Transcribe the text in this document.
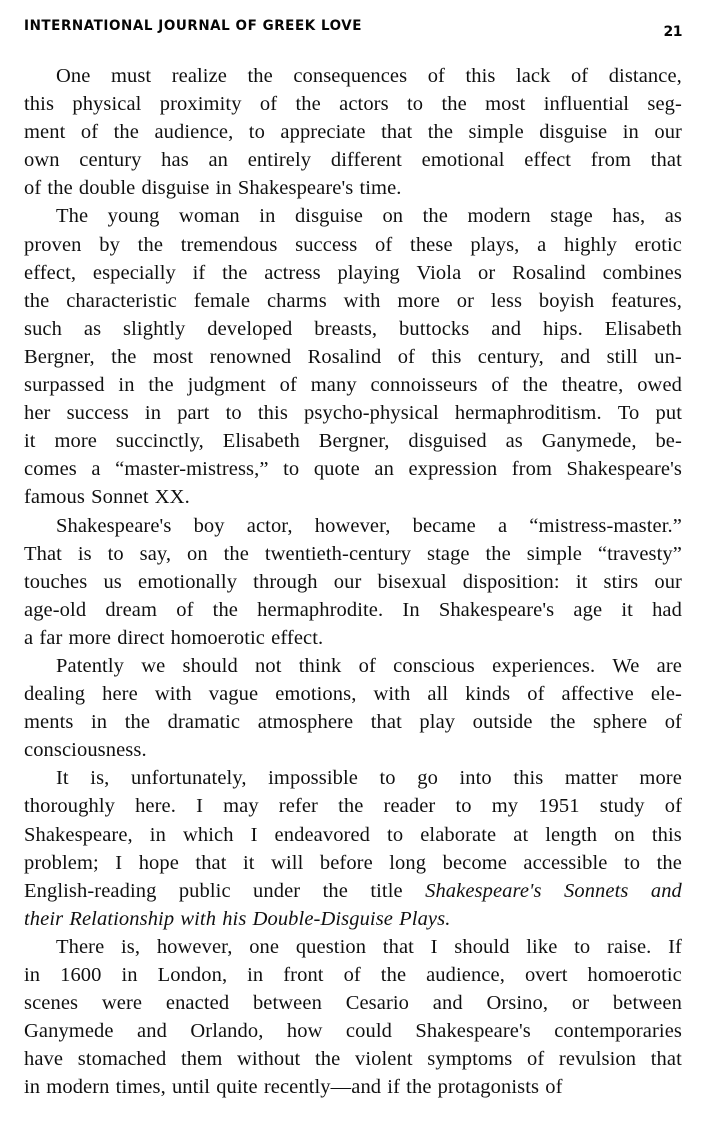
INTERNATIONAL JOURNAL OF GREEK LOVE	21
One must realize the consequences of this lack of distance,
this physical proximity of the actors to the most influential seg-
ment of the audience, to appreciate that the simple disguise in our
own century has an entirely different emotional effect from that
of the double disguise in Shakespeare's time.
The young woman in disguise on the modern stage has, as
proven by the tremendous success of these plays, a highly erotic
effect, especially if the actress playing Viola or Rosalind combines
the characteristic female charms with more or less boyish features,
such as slightly developed breasts, buttocks and hips. Elisabeth
Bergner, the most renowned Rosalind of this century, and still un-
surpassed in the judgment of many connoisseurs of the theatre, owed
her success in part to this psycho-physical hermaphroditism. To put
it more succinctly, Elisabeth Bergner, disguised as Ganymede, be-
comes a “master-mistress,” to quote an expression from Shakespeare's
famous Sonnet XX.
Shakespeare's boy actor, however, became a “mistress-master.”
That is to say, on the twentieth-century stage the simple “travesty”
touches us emotionally through our bisexual disposition: it stirs our
age-old dream of the hermaphrodite. In Shakespeare's age it had
a far more direct homoerotic effect.
Patently we should not think of conscious experiences. We are
dealing here with vague emotions, with all kinds of affective ele-
ments in the dramatic atmosphere that play outside the sphere of
consciousness.
It is, unfortunately, impossible to go into this matter more
thoroughly here. I may refer the reader to my 1951 study of
Shakespeare, in which I endeavored to elaborate at length on this
problem; I hope that it will before long become accessible to the
English-reading public under the title Shakespeare's Sonnets and
their Relationship with his Double-Disguise Plays.
There is, however, one question that I should like to raise. If
in 1600 in London, in front of the audience, overt homoerotic
scenes were enacted between Cesario and Orsino, or between
Ganymede and Orlando, how could Shakespeare's contemporaries
have stomached them without the violent symptoms of revulsion that
in modern times, until quite recently—and if the protagonists of
